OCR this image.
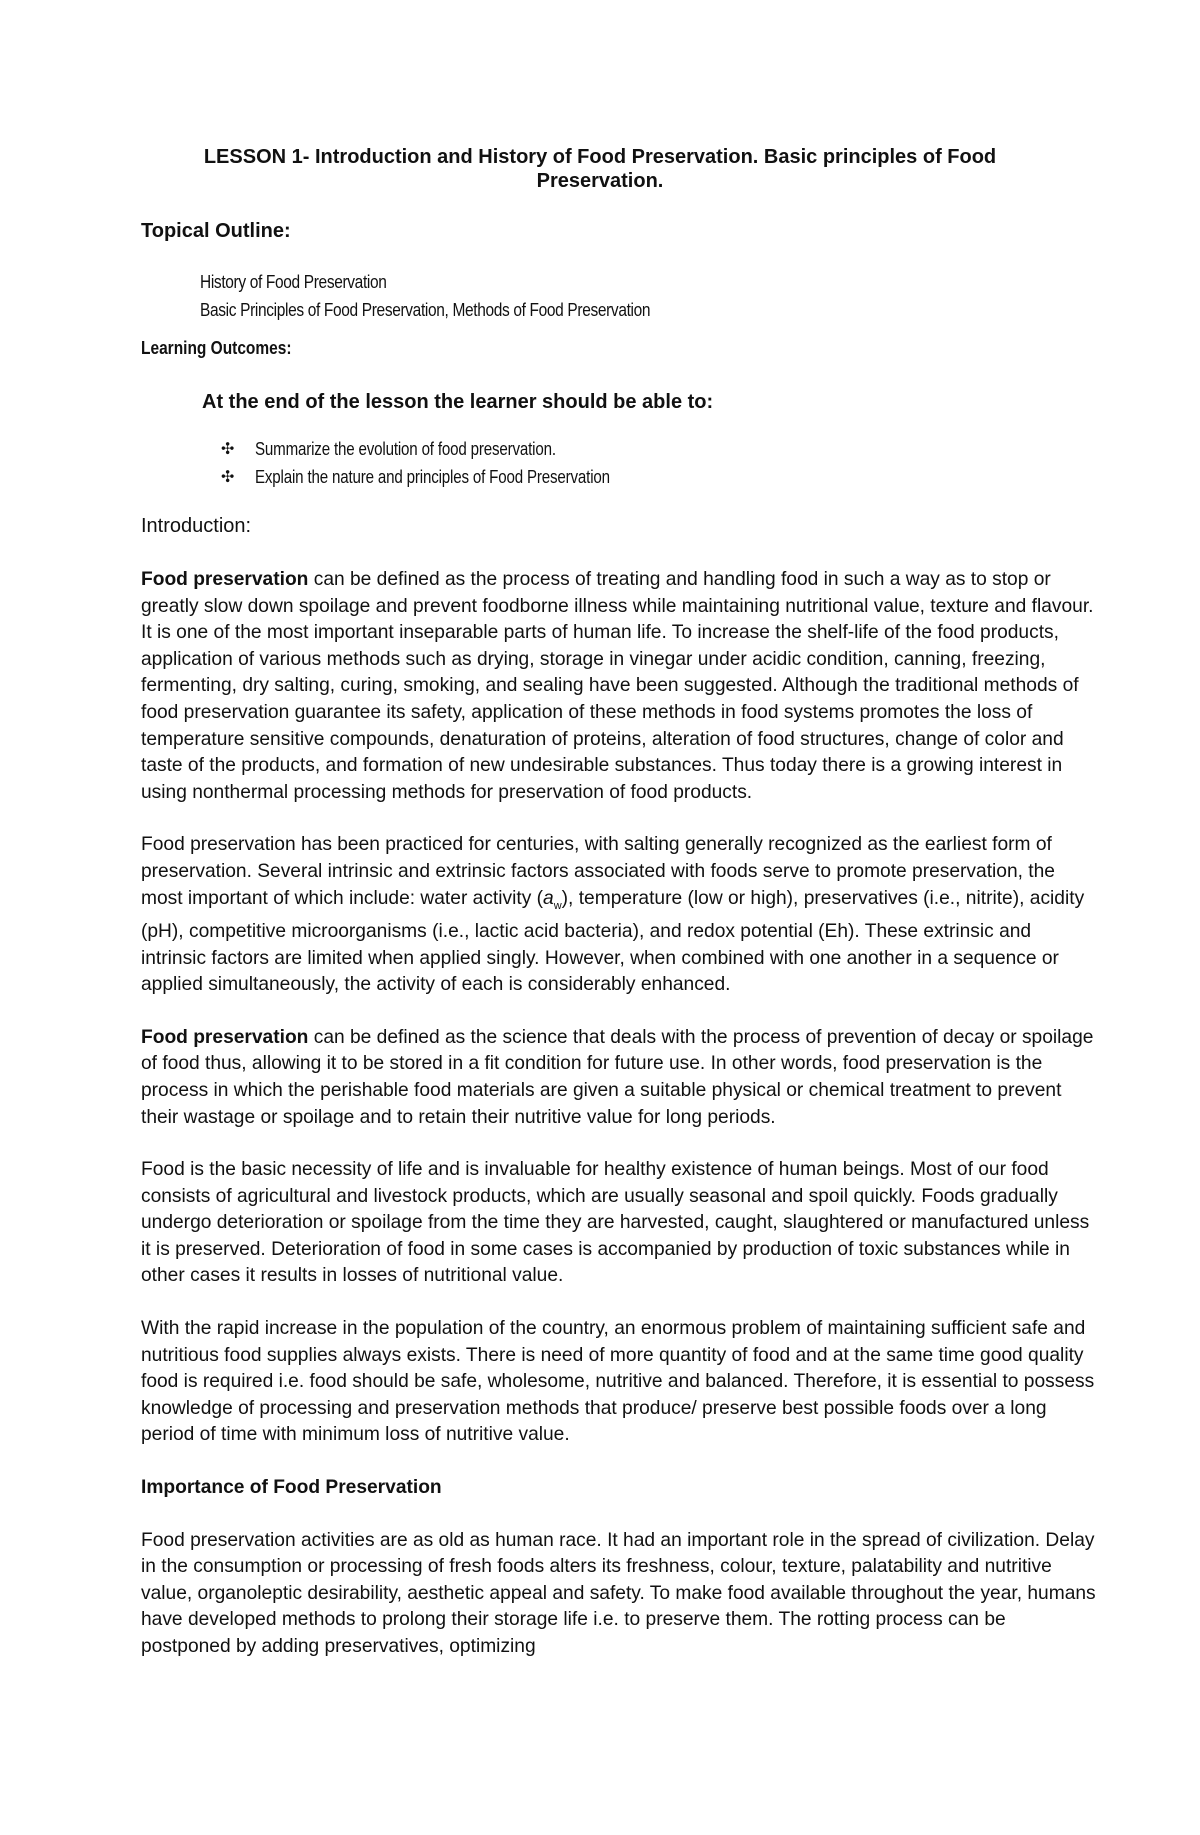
LESSON 1- Introduction and History of Food Preservation. Basic principles of Food
Preservation.
Topical Outline:
History of Food Preservation
Basic Principles of Food Preservation, Methods of Food Preservation
Learning Outcomes:
At the end of the lesson the learner should be able to:
✣	Summarize the evolution of food preservation.
✣	Explain the nature and principles of Food Preservation
Introduction:

Food preservation can be defined as the process of treating and handling food in such a way as to stop or greatly slow down spoilage and prevent foodborne illness while maintaining nutritional value, texture and flavour. It is one of the most important inseparable parts of human life. To increase the shelf-life of the food products, application of various methods such as drying, storage in vinegar under acidic condition, canning, freezing, fermenting, dry salting, curing, smoking, and sealing have been suggested. Although the traditional methods of food preservation guarantee its safety, application of these methods in food systems promotes the loss of temperature sensitive compounds, denaturation of proteins, alteration of food structures, change of color and taste of the products, and formation of new undesirable substances. Thus today there is a growing interest in using nonthermal processing methods for preservation of food products.

Food preservation has been practiced for centuries, with salting generally recognized as the earliest form of preservation. Several intrinsic and extrinsic factors associated with foods serve to promote preservation, the most important of which include: water activity $(a_w)$, temperature (low or high), preservatives (i.e., nitrite), acidity (pH), competitive microorganisms (i.e., lactic acid bacteria), and redox potential (Eh). These extrinsic and intrinsic factors are limited when applied singly. However, when combined with one another in a sequence or applied simultaneously, the activity of each is considerably enhanced.

Food preservation can be defined as the science that deals with the process of prevention of decay or spoilage of food thus, allowing it to be stored in a fit condition for future use. In other words, food preservation is the process in which the perishable food materials are given a suitable physical or chemical treatment to prevent their wastage or spoilage and to retain their nutritive value for long periods.

Food is the basic necessity of life and is invaluable for healthy existence of human beings. Most of our food consists of agricultural and livestock products, which are usually seasonal and spoil quickly. Foods gradually undergo deterioration or spoilage from the time they are harvested, caught, slaughtered or manufactured unless it is preserved. Deterioration of food in some cases is accompanied by production of toxic substances while in other cases it results in losses of nutritional value.

With the rapid increase in the population of the country, an enormous problem of maintaining sufficient safe and nutritious food supplies always exists. There is need of more quantity of food and at the same time good quality food is required i.e. food should be safe, wholesome, nutritive and balanced. Therefore, it is essential to possess knowledge of processing and preservation methods that produce/ preserve best possible foods over a long period of time with minimum loss of nutritive value.

Importance of Food Preservation

Food preservation activities are as old as human race. It had an important role in the spread of civilization. Delay in the consumption or processing of fresh foods alters its freshness, colour, texture, palatability and nutritive value, organoleptic desirability, aesthetic appeal and safety. To make food available throughout the year, humans have developed methods to prolong their storage life i.e. to preserve them. The rotting process can be postponed by adding preservatives, optimizing
